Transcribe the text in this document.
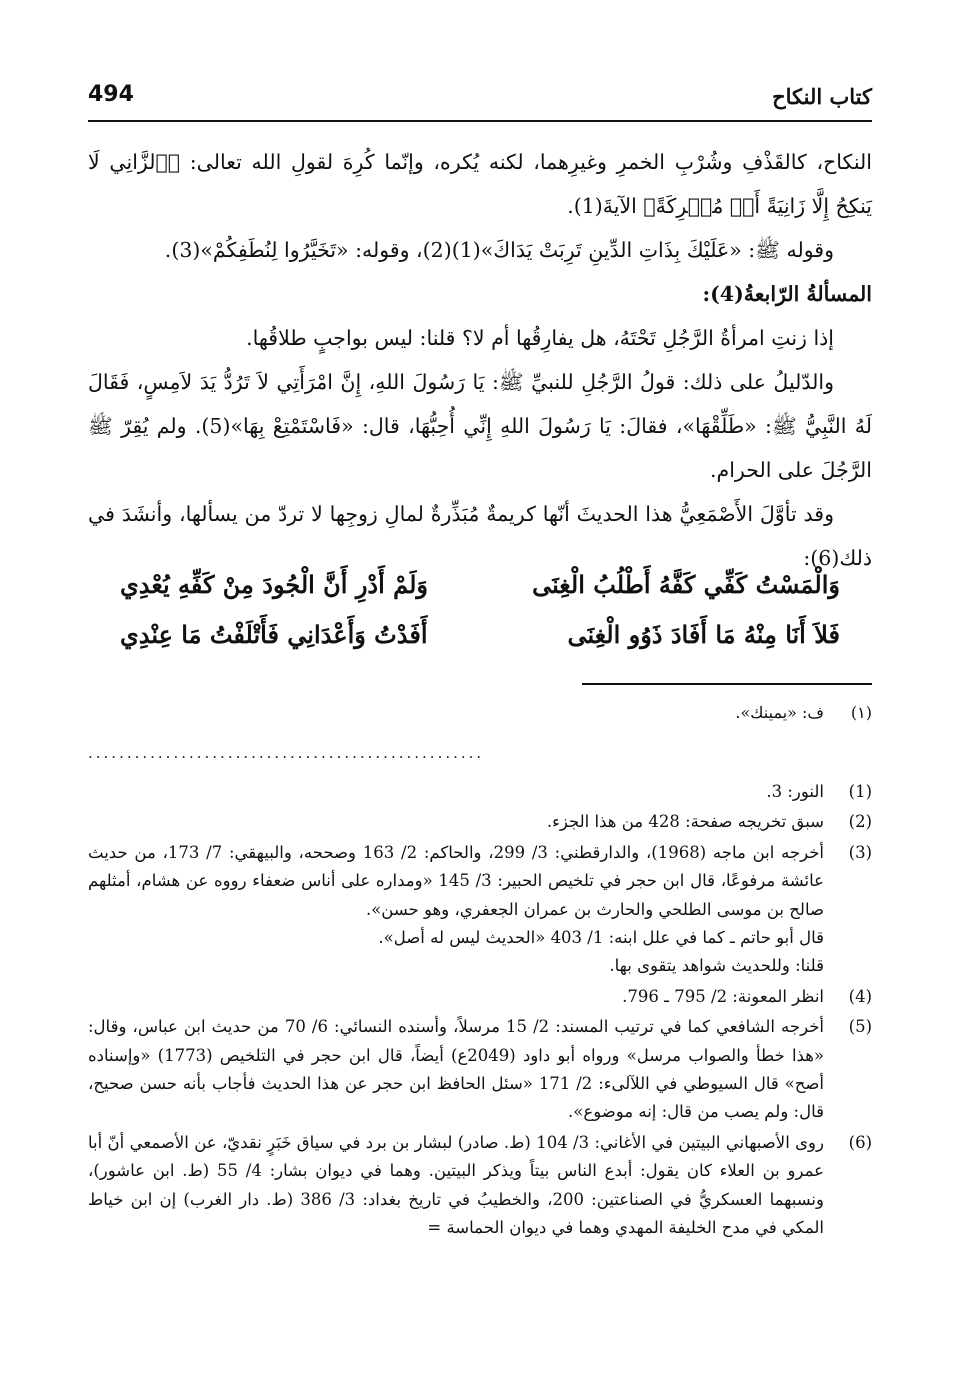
كتاب النكاح
494

النكاح، كالقَذْفِ وشُرْبِ الخمرِ وغيرِهما، لكنه يُكره، وإنّما كُرِهَ لقولِ الله تعالى: ﴿ٱلزَّانِي لَا يَنكِحُ إِلَّا زَانِيَةً أَوۡ مُشۡرِكَةً﴾ الآيةَ(1).

وقوله ﷺ: «عَلَيْكَ بِذَاتِ الدِّينِ تَرِبَتْ يَدَاكَ»(1)(2)، وقوله: «تَخَيَّرُوا لِنُطَفِكُمْ»(3).

المسألةُ الرّابعةُ(4):

إذا زنتِ امرأةُ الرَّجُلِ تَحْتَهُ، هل يفارِقُها أم لا؟ قلنا: ليس بواجبٍ طلاقُها.

والدّليلُ على ذلك: قولُ الرَّجُلِ للنبيِّ ﷺ: يَا رَسُولَ اللهِ، إِنَّ امْرَأَتِي لاَ تَرُدُّ يَدَ لاَمِسٍ، فَقَالَ لَهُ النَّبِيُّ ﷺ: «طَلِّقْهَا»، فقالَ: يَا رَسُولَ اللهِ إِنِّي أُحِبُّهَا، قال: «فَاسْتَمْتِعْ بِهَا»(5). ولم يُقِرّ ﷺ الرَّجُلَ على الحرام.

وقد تأوَّلَ الأَصْمَعِيُّ هذا الحديثَ أنّها كريمةٌ مُبَذِّرةٌ لمالِ زوجِها لا تردّ من يسألها، وأنشَدَ في ذلك(6):

وَالْمَسْتُ كَفِّي كَفَّهُ أَطْلُبُ الْغِنَى
وَلَمْ أَدْرِ أَنَّ الْجُودَ مِنْ كَفِّهِ يُعْدِي
فَلاَ أَنَا مِنْهُ مَا أَفَادَ ذَوُو الْغِنَى
أَفَدْتُ وَأَعْدَانِي فَأَتْلَفْتُ مَا عِنْدِي
(١)
ف: «يمينك».
...................................................
(1)
النور: 3.
(2)
سبق تخريجه صفحة: 428 من هذا الجزء.
(3)
أخرجه ابن ماجه (1968)، والدارقطني: 3/ 299، والحاكم: 2/ 163 وصححه، والبيهقي: 7/ 173، من حديث عائشة مرفوعًا، قال ابن حجر في تلخيص الحبير: 3/ 145 «ومداره على أناس ضعفاء رووه عن هشام، أمثلهم صالح بن موسى الطلحي والحارث بن عمران الجعفري، وهو حسن».
قال أبو حاتم ـ كما في علل ابنه: 1/ 403 «الحديث ليس له أصل».
قلنا: وللحديث شواهد يتقوى بها.
(4)
انظر المعونة: 2/ 795 ـ 796.
(5)
أخرجه الشافعي كما في ترتيب المسند: 2/ 15 مرسلاً، وأسنده النسائي: 6/ 70 من حديث ابن عباس، وقال: «هذا خطأ والصواب مرسل» ورواه أبو داود (2049ع) أيضاً، قال ابن حجر في التلخيص (1773) «وإسناده أصح» قال السيوطي في اللآلىء: 2/ 171 «سئل الحافظ ابن حجر عن هذا الحديث فأجاب بأنه حسن صحيح، قال: ولم يصب من قال: إنه موضوع».
(6)
روى الأصبهاني البيتين في الأغاني: 3/ 104 (ط. صادر) لبشار بن برد في سياق خَبَرٍ نقديّ، عن الأصمعي أنّ أبا عمرو بن العلاء كان يقول: أبدع الناس بيتاً ويذكر البيتين. وهما في ديوان بشار: 4/ 55 (ط. ابن عاشور)، ونسبهما العسكريُّ في الصناعتين: 200، والخطيبُ في تاريخ بغداد: 3/ 386 (ط. دار الغرب) إن ابن خياط المكي في مدح الخليفة المهدي وهما في ديوان الحماسة =
